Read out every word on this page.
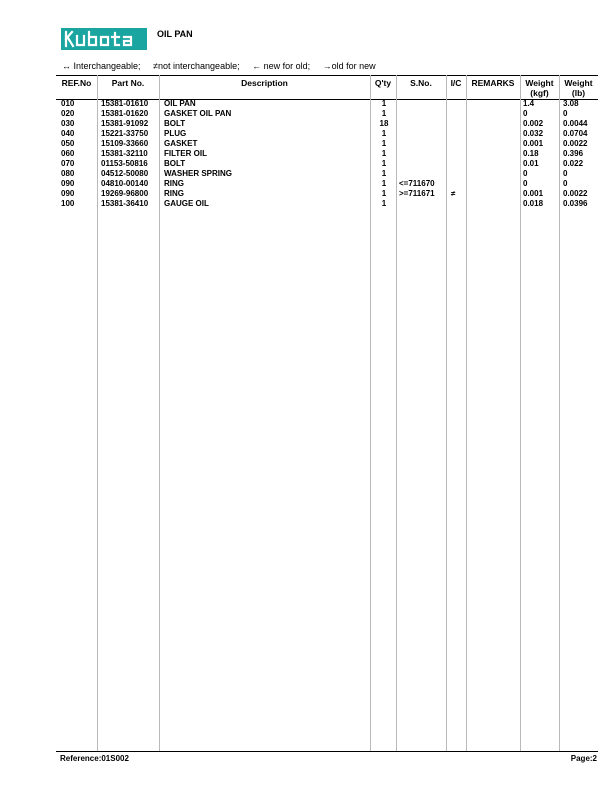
OIL PAN
↔ Interchangeable; ≠not interchangeable; ← new for old; →old for new
REF.No	Part No.	Description	Q'ty	S.No.	I/C	REMARKS	Weight
(kgf)
Weight
(lb)
010	15381-01610 OIL PAN	1	1.4	3.08
020	15381-01620 GASKET OIL PAN	1	0	0
030	15381-91092 BOLT	18	0.002 0.0044
040	15221-33750 PLUG	1	0.032 0.0704
050	15109-33660 GASKET	1	0.001 0.0022
060	15381-32110 FILTER OIL	1	0.18	0.396
070	01153-50816 BOLT	1	0.01	0.022
080	04512-50080 WASHER SPRING	1	0	0
090	04810-00140 RING	1	<=711670	0	0
090	19269-96800 RING	1	>=711671 ≠	0.001 0.0022
100	15381-36410 GAUGE OIL	1	0.018 0.0396
Reference:01S002	Page:2
